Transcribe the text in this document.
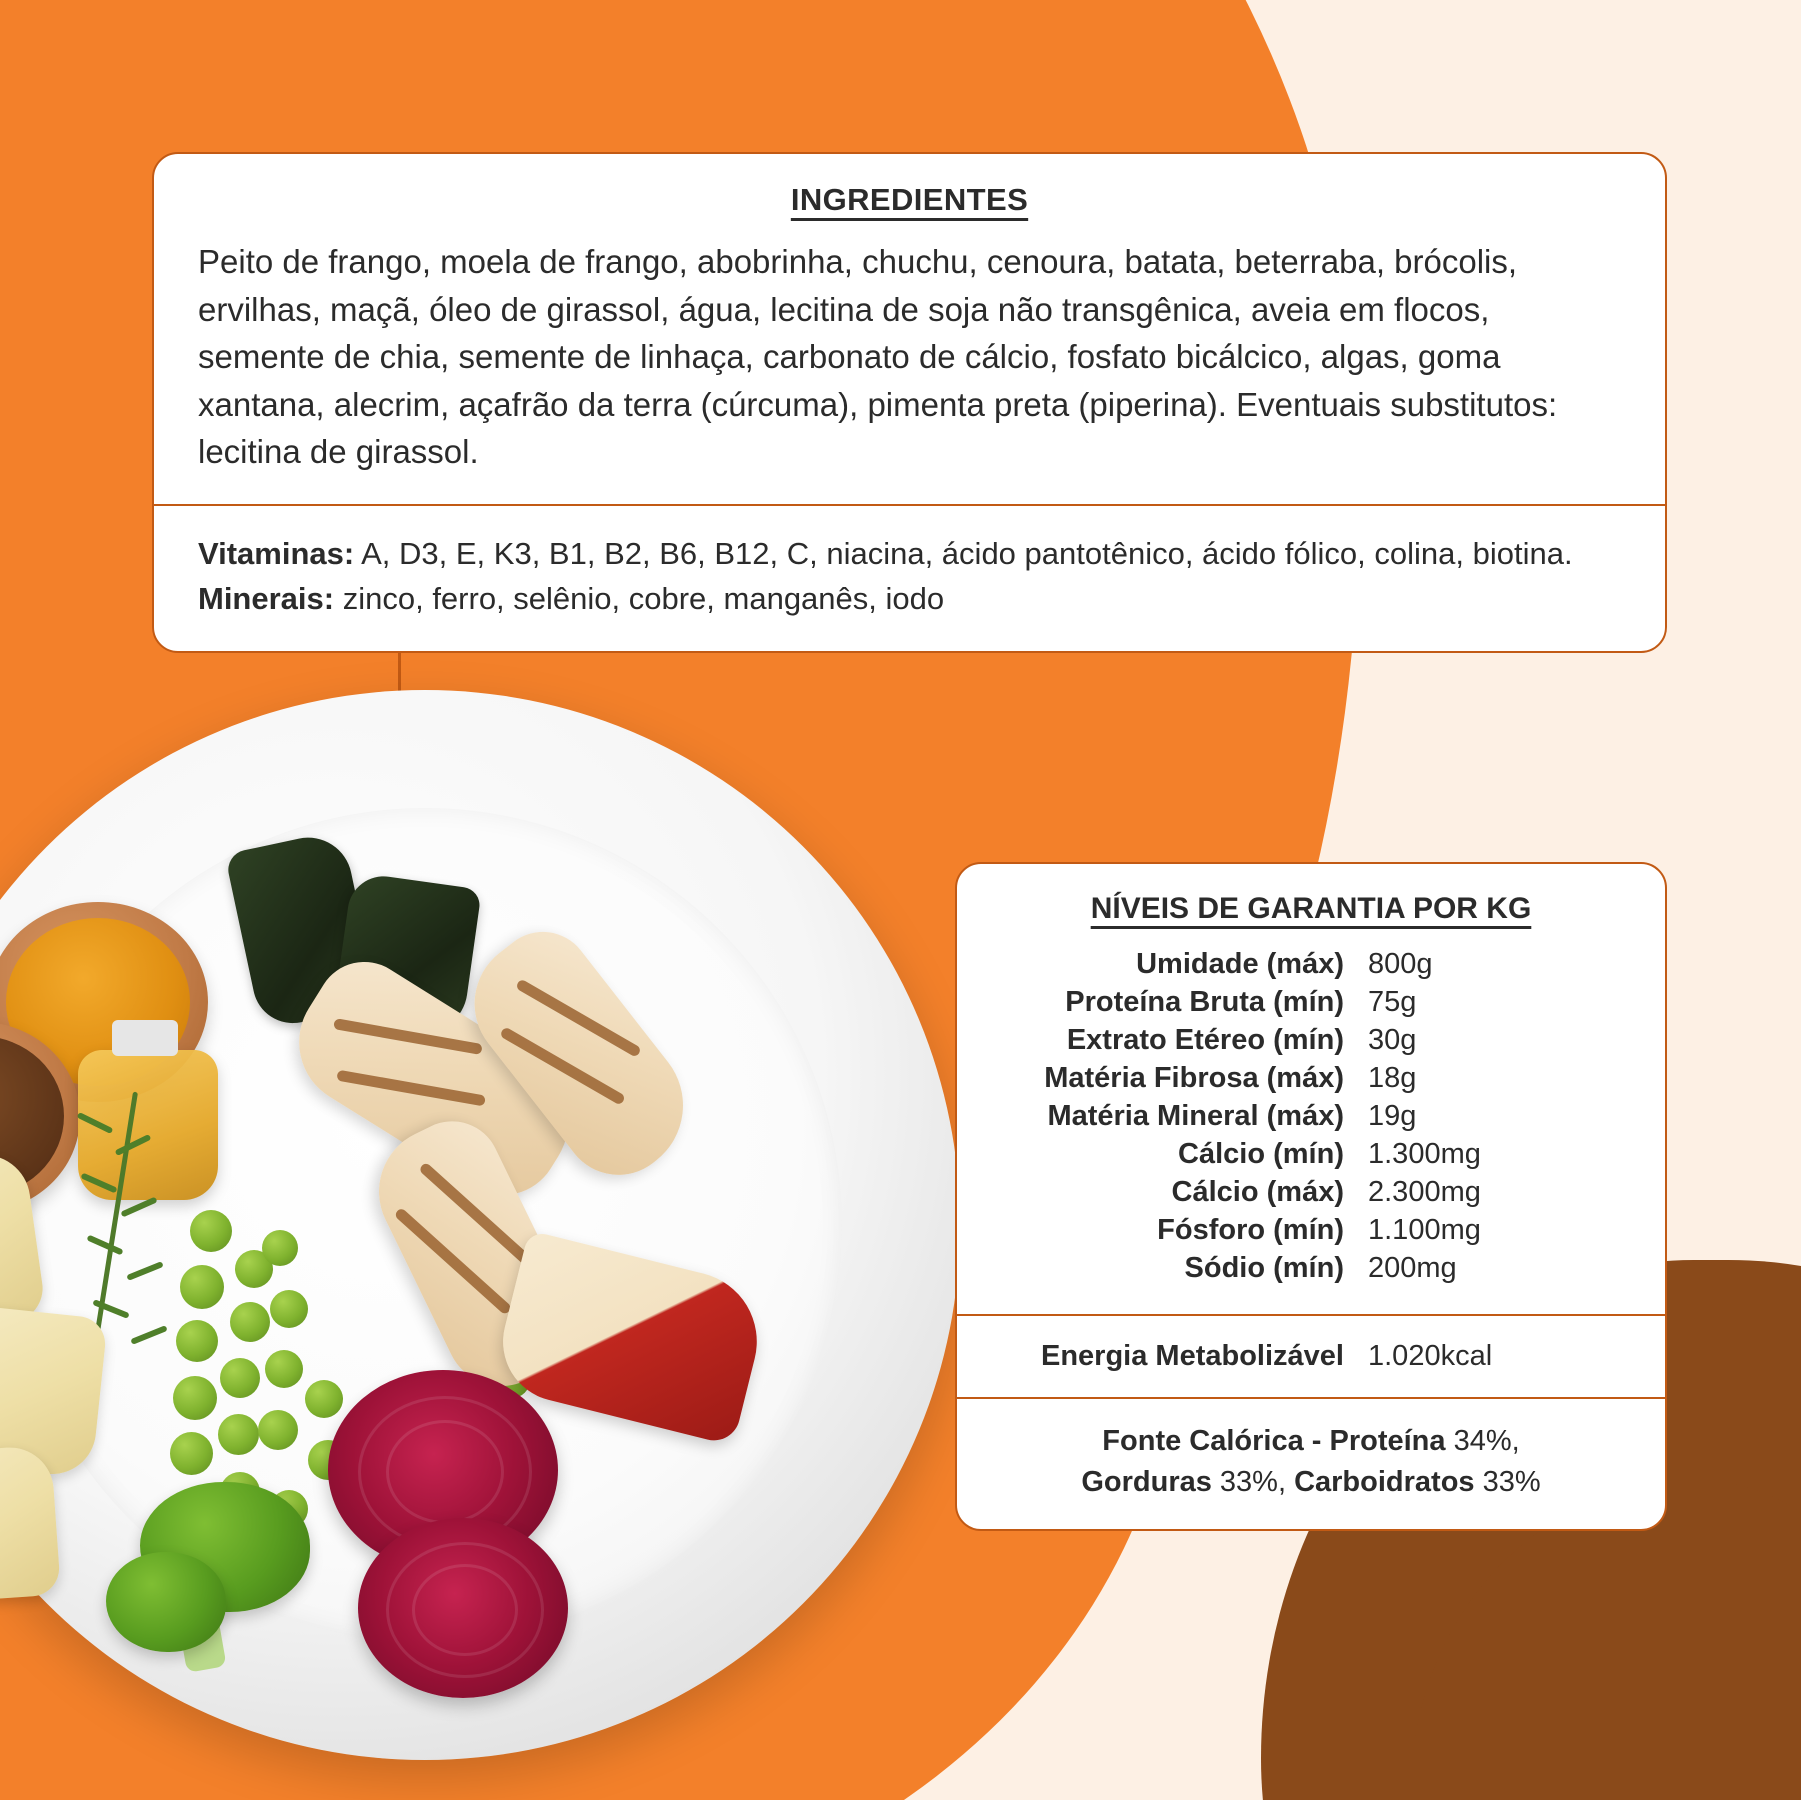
INGREDIENTES
Peito de frango, moela de frango, abobrinha, chuchu, cenoura, batata, beterraba, brócolis, ervilhas, maçã, óleo de girassol, água, lecitina de soja não transgênica, aveia em flocos, semente de chia, semente de linhaça, carbonato de cálcio, fosfato bicálcico, algas, goma xantana, alecrim, açafrão da terra (cúrcuma), pimenta preta (piperina). Eventuais substitutos: lecitina de girassol.
Vitaminas: A, D3, E, K3, B1, B2, B6, B12, C, niacina, ácido pantotênico, ácido fólico, colina, biotina. Minerais: zinco, ferro, selênio, cobre, manganês, iodo
NÍVEIS DE GARANTIA POR KG
Umidade (máx) 800g
Proteína Bruta (mín) 75g
Extrato Etéreo (mín) 30g
Matéria Fibrosa (máx) 18g
Matéria Mineral (máx) 19g
Cálcio (mín) 1.300mg
Cálcio (máx) 2.300mg
Fósforo (mín) 1.100mg
Sódio (mín) 200mg
Energia Metabolizável 1.020kcal
Fonte Calórica - Proteína 34%,
Gorduras 33%, Carboidratos 33%
